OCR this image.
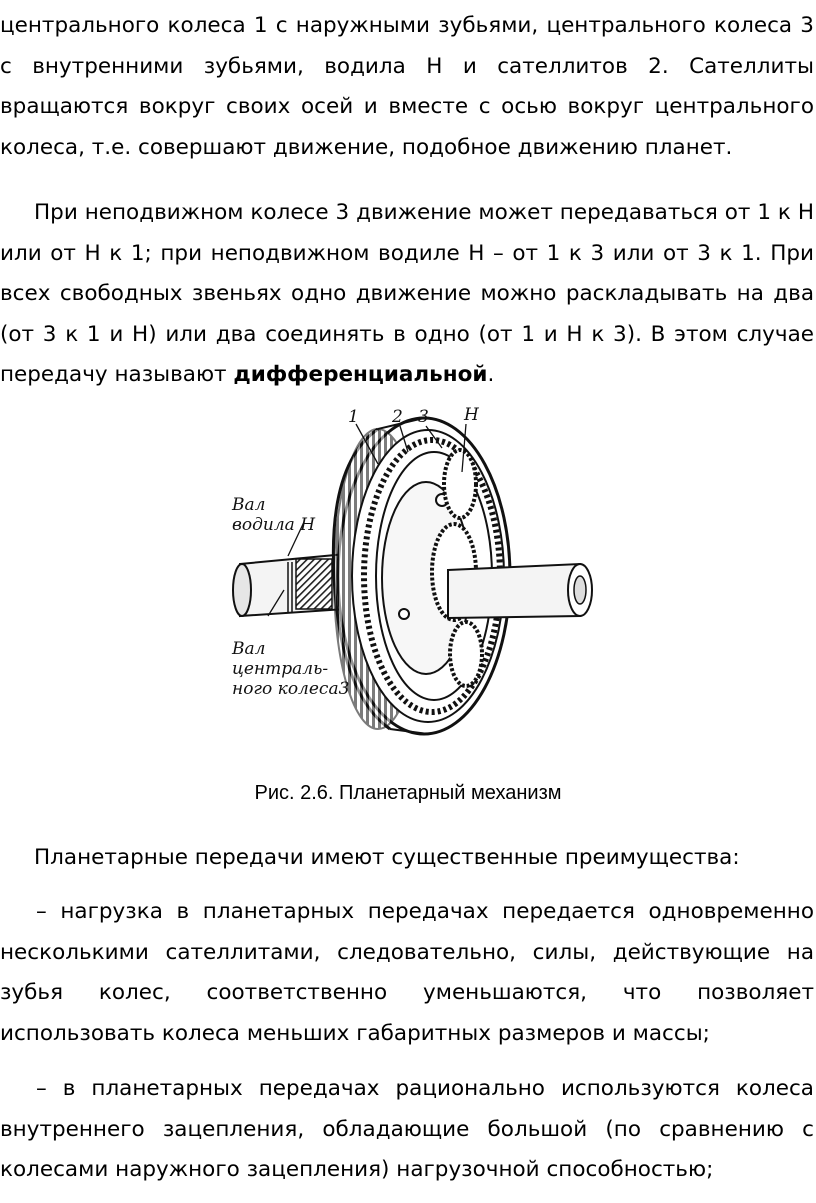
центрального колеса 1 с наружными зубьями, центрального колеса 3 с внутренними зубьями, водила Н и сателлитов 2. Сателлиты вращаются вокруг своих осей и вместе с осью вокруг центрального колеса, т.е. совершают движение, подобное движению планет.

При неподвижном колесе 3 движение может передаваться от 1 к Н или от Н к 1; при неподвижном водиле Н – от 1 к 3 или от 3 к 1. При всех свободных звеньях одно движение можно раскладывать на два (от 3 к 1 и Н) или два соединять в одно (от 1 и Н к 3). В этом случае передачу называют дифференциальной.

1 2 3 Н
Вал
водила Н
Вал
централь-
ного колеса3
Рис. 2.6. Планетарный механизм

Планетарные передачи имеют существенные преимущества:

– нагрузка в планетарных передачах передается одновременно несколькими сателлитами, следовательно, силы, действующие на зубья колес, соответственно уменьшаются, что позволяет использовать колеса меньших габаритных размеров и массы;

– в планетарных передачах рационально используются колеса внутреннего зацепления, обладающие большой (по сравнению с колесами наружного зацепления) нагрузочной способностью;
